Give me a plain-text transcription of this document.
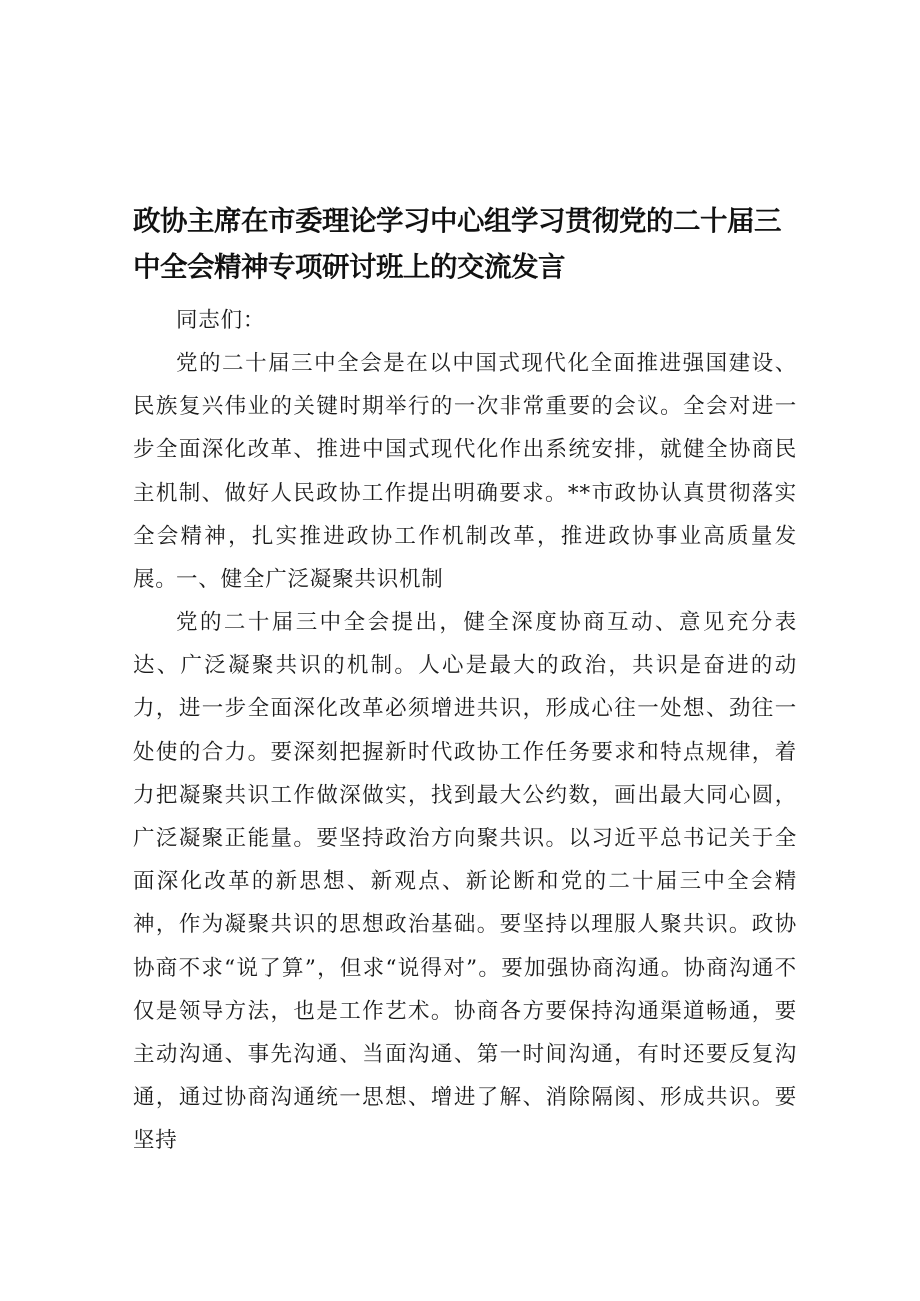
政协主席在市委理论学习中心组学习贯彻党的二十届三中全会精神专项研讨班上的交流发言

同志们：

党的二十届三中全会是在以中国式现代化全面推进强国建设、民族复兴伟业的关键时期举行的一次非常重要的会议。全会对进一步全面深化改革、推进中国式现代化作出系统安排，就健全协商民主机制、做好人民政协工作提出明确要求。**市政协认真贯彻落实全会精神，扎实推进政协工作机制改革，推进政协事业高质量发展。

一、健全广泛凝聚共识机制

党的二十届三中全会提出，健全深度协商互动、意见充分表达、广泛凝聚共识的机制。人心是最大的政治，共识是奋进的动力，进一步全面深化改革必须增进共识，形成心往一处想、劲往一处使的合力。要深刻把握新时代政协工作任务要求和特点规律，着力把凝聚共识工作做深做实，找到最大公约数，画出最大同心圆，广泛凝聚正能量。要坚持政治方向聚共识。以习近平总书记关于全面深化改革的新思想、新观点、新论断和党的二十届三中全会精神，作为凝聚共识的思想政治基础。要坚持以理服人聚共识。政协协商不求“说了算”，但求“说得对”。要加强协商沟通。协商沟通不仅是领导方法，也是工作艺术。协商各方要保持沟通渠道畅通，要主动沟通、事先沟通、当面沟通、第一时间沟通，有时还要反复沟通，通过协商沟通统一思想、增进了解、消除隔阂、形成共识。要坚持
